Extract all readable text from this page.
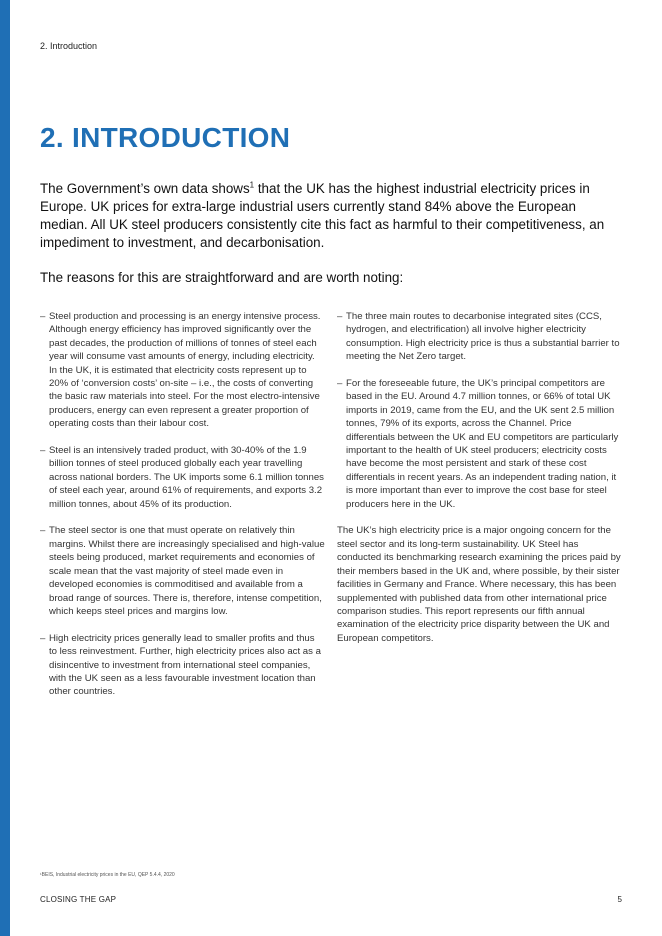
2. Introduction
2. INTRODUCTION

The Government’s own data shows$^1$ that the UK has the highest industrial electricity prices in Europe. UK prices for extra-large industrial users currently stand 84% above the European median. All UK steel producers consistently cite this fact as harmful to their competitiveness, an impediment to investment, and decarbonisation.

The reasons for this are straightforward and are worth noting:

– Steel production and processing is an energy intensive process. Although energy efficiency has improved significantly over the past decades, the production of millions of tonnes of steel each year will consume vast amounts of energy, including electricity. In the UK, it is estimated that electricity costs represent up to 20% of ‘conversion costs’ on-site – i.e., the costs of converting the basic raw materials into steel. For the most electro-intensive producers, energy can even represent a greater proportion of operating costs than their labour cost.
– Steel is an intensively traded product, with 30-40% of the 1.9 billion tonnes of steel produced globally each year travelling across national borders. The UK imports some 6.1 million tonnes of steel each year, around 61% of requirements, and exports 3.2 million tonnes, about 45% of its production.
– The steel sector is one that must operate on relatively thin margins. Whilst there are increasingly specialised and high-value steels being produced, market requirements and economies of scale mean that the vast majority of steel made even in developed economies is commoditised and available from a broad range of sources. There is, therefore, intense competition, which keeps steel prices and margins low.
– High electricity prices generally lead to smaller profits and thus to less reinvestment. Further, high electricity prices also act as a disincentive to investment from international steel companies, with the UK seen as a less favourable investment location than other countries.
– The three main routes to decarbonise integrated sites (CCS, hydrogen, and electrification) all involve higher electricity consumption. High electricity price is thus a substantial barrier to meeting the Net Zero target.
– For the foreseeable future, the UK’s principal competitors are based in the EU. Around 4.7 million tonnes, or 66% of total UK imports in 2019, came from the EU, and the UK sent 2.5 million tonnes, 79% of its exports, across the Channel. Price differentials between the UK and EU competitors are particularly important to the health of UK steel producers; electricity costs have become the most persistent and stark of these cost differentials in recent years. As an independent trading nation, it is more important than ever to improve the cost base for steel producers here in the UK.

The UK’s high electricity price is a major ongoing concern for the steel sector and its long-term sustainability. UK Steel has conducted its benchmarking research examining the prices paid by their members based in the UK and, where possible, by their sister facilities in Germany and France. Where necessary, this has been supplemented with published data from other international price comparison studies. This report represents our fifth annual examination of the electricity price disparity between the UK and European competitors.

¹BEIS, Industrial electricity prices in the EU, QEP 5.4.4, 2020
CLOSING THE GAP	5
